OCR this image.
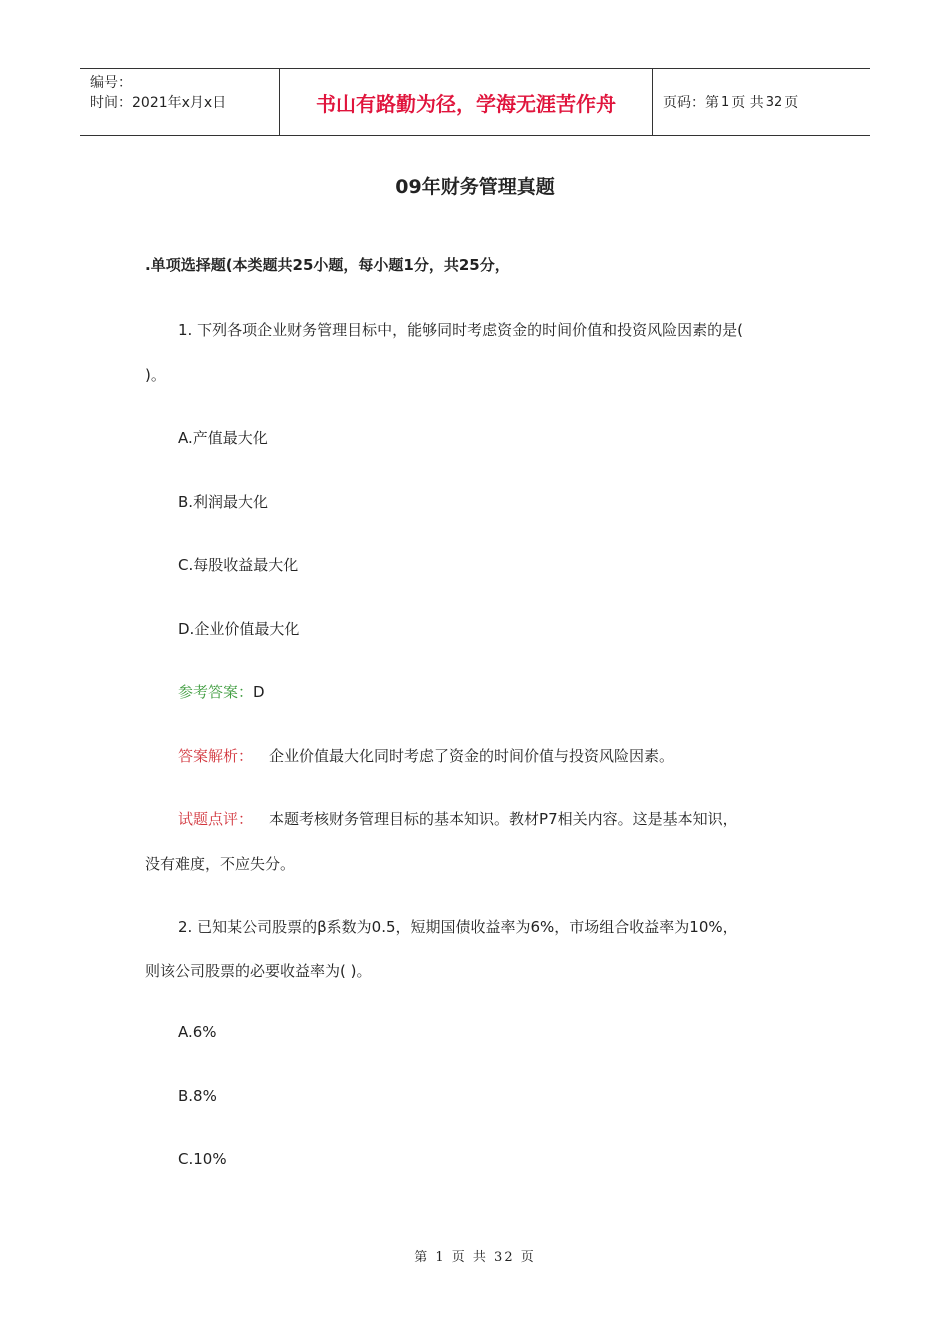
编号：
时间：2021年x月x日	书山有路勤为径，学海无涯苦作舟	页码：第 1 页 共 32 页
09年财务管理真题
.单项选择题(本类题共25小题，每小题1分，共25分，
1. 下列各项企业财务管理目标中，能够同时考虑资金的时间价值和投资风险因素的是(
)。
A.产值最大化
B.利润最大化
C.每股收益最大化
D.企业价值最大化
参考答案：D
答案解析： 企业价值最大化同时考虑了资金的时间价值与投资风险因素。
试题点评： 本题考核财务管理目标的基本知识。教材P7相关内容。这是基本知识，
没有难度，不应失分。
2. 已知某公司股票的β系数为0.5，短期国债收益率为6%，市场组合收益率为10%，
则该公司股票的必要收益率为( )。
A.6%
B.8%
C.10%
第 1 页 共 32 页
